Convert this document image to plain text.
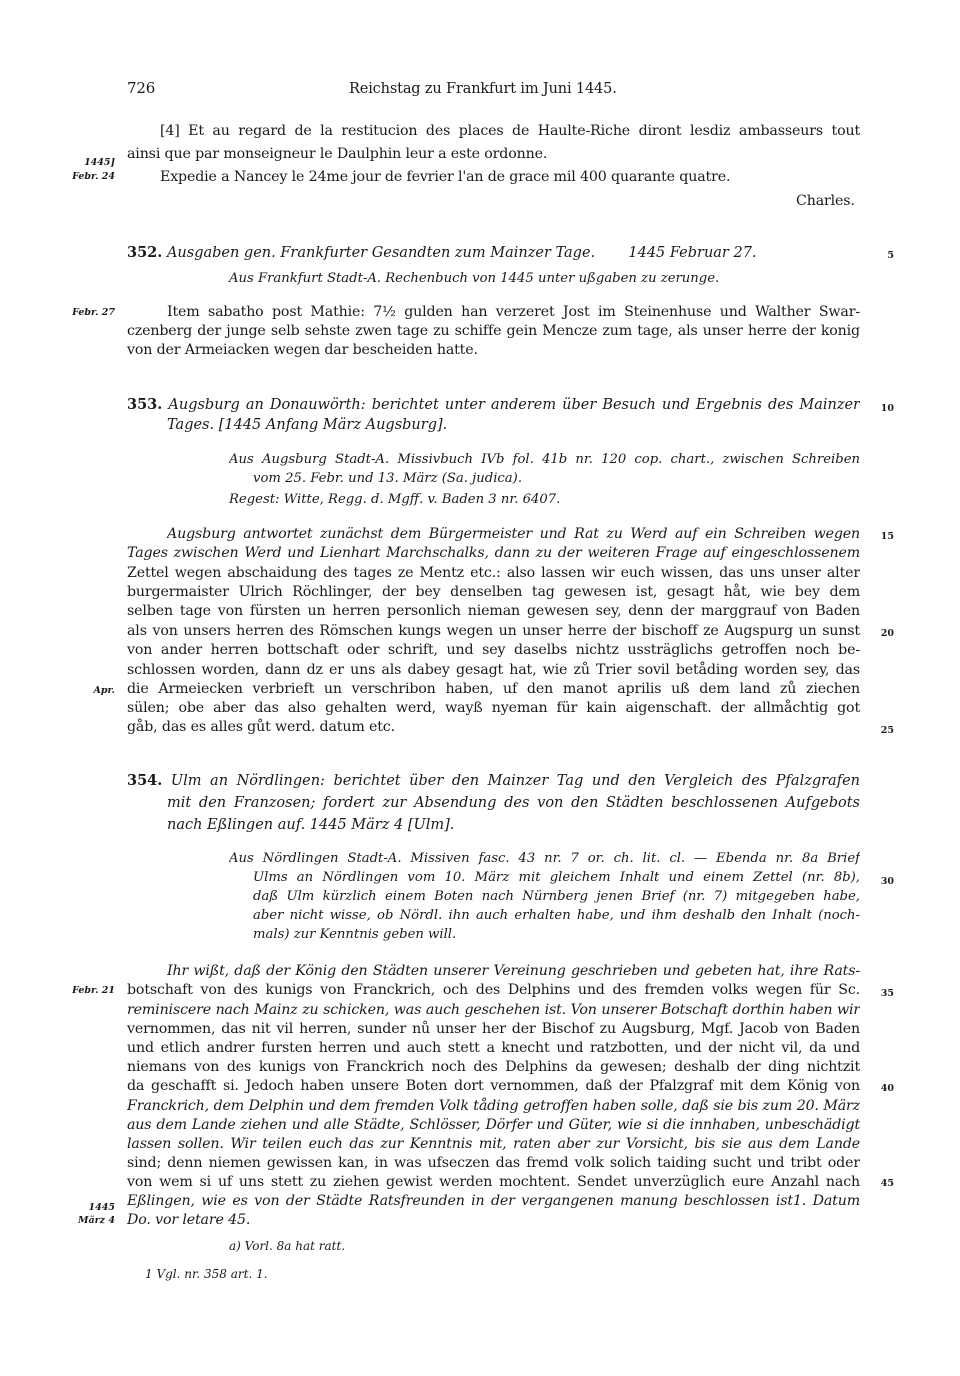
726	Reichstag zu Frankfurt im Juni 1445.
1445]
Febr. 24
[4] Et au regard de la restitucion des places de Haulte-Riche diront lesdiz ambasseurs tout
ainsi que par monseigneur le Daulphin leur a este ordonne.
Expedie a Nancey le 24me jour de fevrier l'an de grace mil 400 quarante quatre.
Charles.
352. Ausgaben gen. Frankfurter Gesandten zum Mainzer Tage. 1445 Februar 27.	5
Aus Frankfurt Stadt-A. Rechenbuch von 1445 unter ußgaben zu zerunge.
Febr. 27	Item sabatho post Mathie: 7½ gulden han verzeret Jost im Steinenhuse und Walther Swar-
czenberg der junge selb sehste zwen tage zu schiffe gein Mencze zum tage, als unser herre der konig
von der Armeiacken wegen dar bescheiden hatte.
353. Augsburg an Donauwörth: berichtet unter anderem über Besuch und Ergebnis des Mainzer
Tages. [1445 Anfang März Augsburg].
10
Aus Augsburg Stadt-A. Missivbuch IVb fol. 41b nr. 120 cop. chart., zwischen Schreiben
vom 25. Febr. und 13. März (Sa. judica).
Regest: Witte, Regg. d. Mgff. v. Baden 3 nr. 6407.
Augsburg antwortet zunächst dem Bürgermeister und Rat zu Werd auf ein Schreiben wegen
Tages zwischen Werd und Lienhart Marchschalks, dann zu der weiteren Frage auf eingeschlossenem
Zettel wegen abschaidung des tages ze Mentz etc.: also lassen wir euch wissen, das uns unser alter
burgermaister Ulrich Röchlinger, der bey denselben tag gewesen ist, gesagt håt, wie bey dem
selben tage von fürsten un herren personlich nieman gewesen sey, denn der marggrauf von Baden
als von unsers herren des Römschen kungs wegen un unser herre der bischoff ze Augspurg un sunst
von ander herren bottschaft oder schrift, und sey daselbs nichtz ussträglichs getroffen noch be-
schlossen worden, dann dz er uns als dabey gesagt hat, wie zů Trier sovil betåding worden sey, das
die Armeiecken verbrieft un verschribon haben, uf den manot aprilis uß dem land zů ziechen
sülen; obe aber das also gehalten werd, wayß nyeman für kain aigenschaft. der allmåchtig got
gåb, das es alles gůt werd. datum etc.
15
20
25
Apr.
354. Ulm an Nördlingen: berichtet über den Mainzer Tag und den Vergleich des Pfalzgrafen
mit den Franzosen; fordert zur Absendung des von den Städten beschlossenen Aufgebots
nach Eßlingen auf. 1445 März 4 [Ulm].
Aus Nördlingen Stadt-A. Missiven fasc. 43 nr. 7 or. ch. lit. cl. — Ebenda nr. 8a Brief
Ulms an Nördlingen vom 10. März mit gleichem Inhalt und einem Zettel (nr. 8b),
daß Ulm kürzlich einem Boten nach Nürnberg jenen Brief (nr. 7) mitgegeben habe,
aber nicht wisse, ob Nördl. ihn auch erhalten habe, und ihm deshalb den Inhalt (noch-
mals) zur Kenntnis geben will.
30
Ihr wißt, daß der König den Städten unserer Vereinung geschrieben und gebeten hat, ihre Rats-
botschaft von des kunigs von Franckrich, och des Delphins und des fremden volks wegen für Sc.
reminiscere nach Mainz zu schicken, was auch geschehen ist. Von unserer Botschaft dorthin haben wir
vernommen, das nit vil herren, sunder nů unser her der Bischof zu Augsburg, Mgf. Jacob von Baden
und etlich andrer fursten herren und auch stett a knecht und ratzbotten, und der nicht vil, da und
niemans von des kunigs von Franckrich noch des Delphins da gewesen; deshalb der ding nichtzit
da geschafft si. Jedoch haben unsere Boten dort vernommen, daß der Pfalzgraf mit dem König von
Franckrich, dem Delphin und dem fremden Volk tåding getroffen haben solle, daß sie bis zum 20. März
aus dem Lande ziehen und alle Städte, Schlösser, Dörfer und Güter, wie si die innhaben, unbeschädigt
lassen sollen. Wir teilen euch das zur Kenntnis mit, raten aber zur Vorsicht, bis sie aus dem Lande
sind; denn niemen gewissen kan, in was ufseczen das fremd volk solich taiding sucht und tribt oder
von wem si uf uns stett zu ziehen gewist werden mochtent. Sendet unverzüglich eure Anzahl nach
Eßlingen, wie es von der Städte Ratsfreunden in der vergangenen manung beschlossen ist1. Datum
Do. vor letare 45.
Febr. 21
1445
März 4
35
40
45
a) Vorl. 8a hat ratt.
1 Vgl. nr. 358 art. 1.
